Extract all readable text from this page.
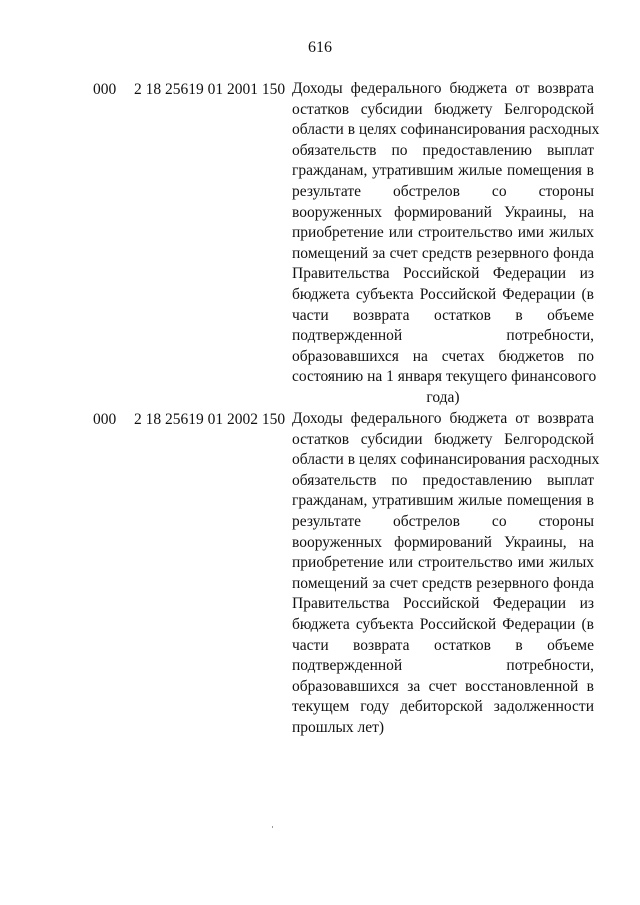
616
000 2 18 25619 01 2001 150 Доходы федерального бюджета от возврата
остатков субсидии бюджету Белгородской
области в целях софинансирования расходных
обязательств по предоставлению выплат
гражданам, утратившим жилые помещения в
результате обстрелов со стороны
вооруженных формирований Украины, на
приобретение или строительство ими жилых
помещений за счет средств резервного фонда
Правительства Российской Федерации из
бюджета субъекта Российской Федерации (в
части возврата остатков в объеме
подтвержденной потребности,
образовавшихся на счетах бюджетов по
состоянию на 1 января текущего финансового
года)
000 2 18 25619 01 2002 150 Доходы федерального бюджета от возврата
остатков субсидии бюджету Белгородской
области в целях софинансирования расходных
обязательств по предоставлению выплат
гражданам, утратившим жилые помещения в
результате обстрелов со стороны
вооруженных формирований Украины, на
приобретение или строительство ими жилых
помещений за счет средств резервного фонда
Правительства Российской Федерации из
бюджета субъекта Российской Федерации (в
части возврата остатков в объеме
подтвержденной потребности,
образовавшихся за счет восстановленной в
текущем году дебиторской задолженности
прошлых лет)
